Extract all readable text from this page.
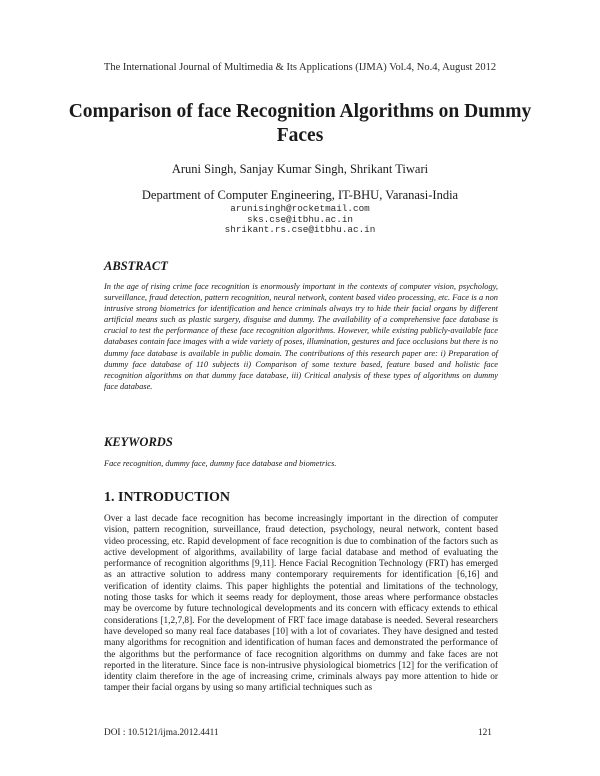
The International Journal of Multimedia & Its Applications (IJMA) Vol.4, No.4, August 2012
Comparison of face Recognition Algorithms on Dummy Faces
Aruni Singh, Sanjay Kumar Singh, Shrikant Tiwari
Department of Computer Engineering, IT-BHU, Varanasi-India
arunisingh@rocketmail.com
sks.cse@itbhu.ac.in
shrikant.rs.cse@itbhu.ac.in
ABSTRACT
In the age of rising crime face recognition is enormously important in the contexts of computer vision, psychology, surveillance, fraud detection, pattern recognition, neural network, content based video processing, etc. Face is a non intrusive strong biometrics for identification and hence criminals always try to hide their facial organs by different artificial means such as plastic surgery, disguise and dummy. The availability of a comprehensive face database is crucial to test the performance of these face recognition algorithms. However, while existing publicly-available face databases contain face images with a wide variety of poses, illumination, gestures and face occlusions but there is no dummy face database is available in public domain. The contributions of this research paper are: i) Preparation of dummy face database of 110 subjects ii) Comparison of some texture based, feature based and holistic face recognition algorithms on that dummy face database, iii) Critical analysis of these types of algorithms on dummy face database.
KEYWORDS
Face recognition, dummy face, dummy face database and biometrics.
1. INTRODUCTION
Over a last decade face recognition has become increasingly important in the direction of computer vision, pattern recognition, surveillance, fraud detection, psychology, neural network, content based video processing, etc. Rapid development of face recognition is due to combination of the factors such as active development of algorithms, availability of large facial database and method of evaluating the performance of recognition algorithms [9,11]. Hence Facial Recognition Technology (FRT) has emerged as an attractive solution to address many contemporary requirements for identification [6,16] and verification of identity claims. This paper highlights the potential and limitations of the technology, noting those tasks for which it seems ready for deployment, those areas where performance obstacles may be overcome by future technological developments and its concern with efficacy extends to ethical considerations [1,2,7,8]. For the development of FRT face image database is needed. Several researchers have developed so many real face databases [10] with a lot of covariates. They have designed and tested many algorithms for recognition and identification of human faces and demonstrated the performance of the algorithms but the performance of face recognition algorithms on dummy and fake faces are not reported in the literature. Since face is non-intrusive physiological biometrics [12] for the verification of identity claim therefore in the age of increasing crime, criminals always pay more attention to hide or tamper their facial organs by using so many artificial techniques such as
DOI : 10.5121/ijma.2012.4411	121
